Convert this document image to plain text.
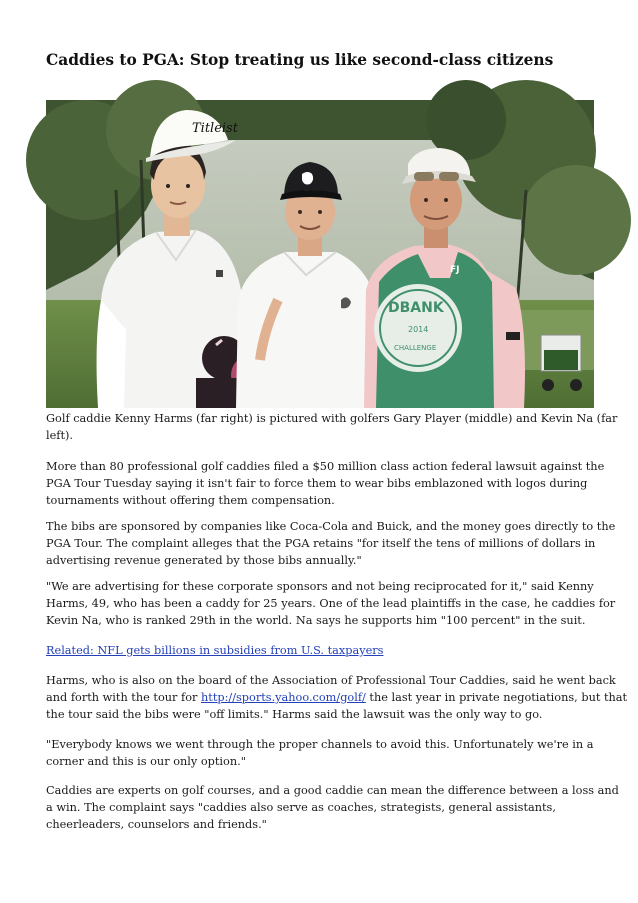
Caddies to PGA: Stop treating us like second-class citizens
Titleist
DBANK
2014
CHALLENGE
FJ	Credit: Getty Images

Golf caddie Kenny Harms (far right) is pictured with golfers Gary Player (middle) and Kevin Na (far
left).

More than 80 professional golf caddies filed a $50 million class action federal lawsuit against the
PGA Tour Tuesday saying it isn't fair to force them to wear bibs emblazoned with logos during
tournaments without offering them compensation.

The bibs are sponsored by companies like Coca-Cola and Buick, and the money goes directly to the
PGA Tour. The complaint alleges that the PGA retains "for itself the tens of millions of dollars in
advertising revenue generated by those bibs annually."

"We are advertising for these corporate sponsors and not being reciprocated for it," said Kenny
Harms, 49, who has been a caddy for 25 years. One of the lead plaintiffs in the case, he caddies for
Kevin Na, who is ranked 29th in the world. Na says he supports him "100 percent" in the suit.

Related: NFL gets billions in subsidies from U.S. taxpayers

Harms, who is also on the board of the Association of Professional Tour Caddies, said he went back
and forth with the tour for http://sports.yahoo.com/golf/ the last year in private negotiations, but that
the tour said the bibs were "off limits." Harms said the lawsuit was the only way to go.

"Everybody knows we went through the proper channels to avoid this. Unfortunately we're in a
corner and this is our only option."

Caddies are experts on golf courses, and a good caddie can mean the difference between a loss and
a win. The complaint says "caddies also serve as coaches, strategists, general assistants,
cheerleaders, counselors and friends."
